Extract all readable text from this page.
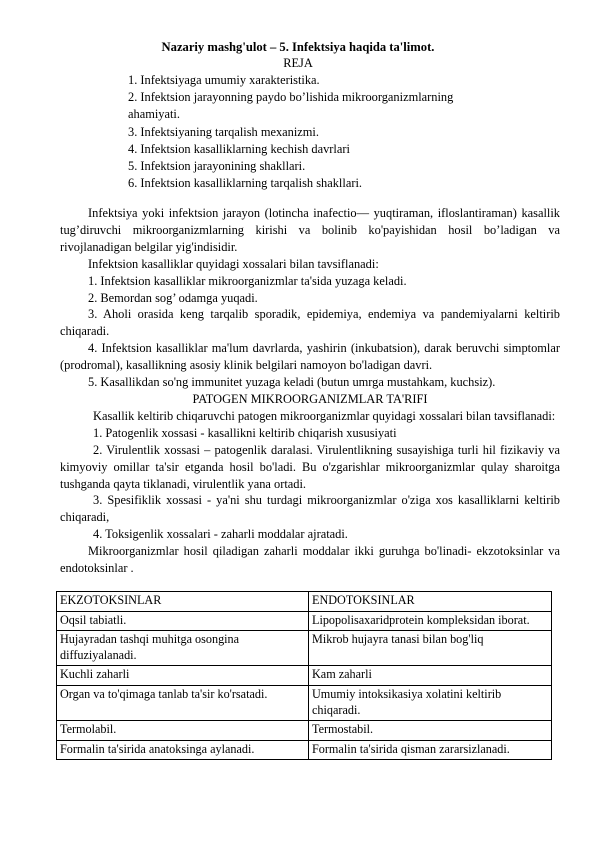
Nazariy mashg'ulot – 5. Infektsiya haqida ta'limot.
REJA
1. Infektsiyaga umumiy xarakteristika.
2. Infektsion jarayonning paydo bo’lishida mikroorganizmlarning
ahamiyati.
3. Infektsiyaning tarqalish mexanizmi.
4. Infektsion kasalliklarning kechish davrlari
5. Infektsion jarayonining shakllari.
6. Infektsion kasalliklarning tarqalish shakllari.
Infektsiya yoki infektsion jarayon (lotincha inafectio— yuqtiraman, ifloslantiraman) kasallik tug’diruvchi mikroorganizmlarning kirishi va bolinib ko'payishidan hosil bo’ladigan va rivojlanadigan belgilar yig'indisidir.
Infektsion kasalliklar quyidagi xossalari bilan tavsiflanadi:
1. Infektsion kasalliklar mikroorganizmlar ta'sida yuzaga keladi.
2. Bemordan sog’ odamga yuqadi.
3. Aholi orasida keng tarqalib sporadik, epidemiya, endemiya va pandemiyalarni keltirib chiqaradi.
4. Infektsion kasalliklar ma'lum davrlarda, yashirin (inkubatsion), darak beruvchi simptomlar (prodromal), kasallikning asosiy klinik belgilari namoyon bo'ladigan davri.
5. Kasallikdan so'ng immunitet yuzaga keladi (butun umrga mustahkam, kuchsiz).
PATOGEN MIKROORGANIZMLAR TA'RIFI
Kasallik keltirib chiqaruvchi patogen mikroorganizmlar quyidagi xossalari bilan tavsiflanadi:
1. Patogenlik xossasi - kasallikni keltirib chiqarish xususiyati
2. Virulentlik xossasi – patogenlik daralasi. Virulentlikning susayishiga turli hil fizikaviy va kimyoviy omillar ta'sir etganda hosil bo'ladi. Bu o'zgarishlar mikroorganizmlar qulay sharoitga tushganda qayta tiklanadi, virulentlik yana ortadi.
3. Spesifiklik xossasi - ya'ni shu turdagi mikroorganizmlar o'ziga xos kasalliklarni keltirib chiqaradi,
4. Toksigenlik xossalari - zaharli moddalar ajratadi.
Mikroorganizmlar hosil qiladigan zaharli moddalar ikki guruhga bo'linadi- ekzotoksinlar va endotoksinlar .
EKZOTOKSINLAR	ENDOTOKSINLAR
Oqsil tabiatli.	Lipopolisaxaridprotein kompleksidan iborat.
Hujayradan tashqi muhitga osongina diffuziyalanadi.	Mikrob hujayra tanasi bilan bog'liq
Kuchli zaharli	Kam zaharli
Organ va to'qimaga tanlab ta'sir ko'rsatadi.	Umumiy intoksikasiya xolatini keltirib chiqaradi.
Termolabil.	Termostabil.
Formalin ta'sirida anatoksinga aylanadi.	Formalin ta'sirida qisman zararsizlanadi.
